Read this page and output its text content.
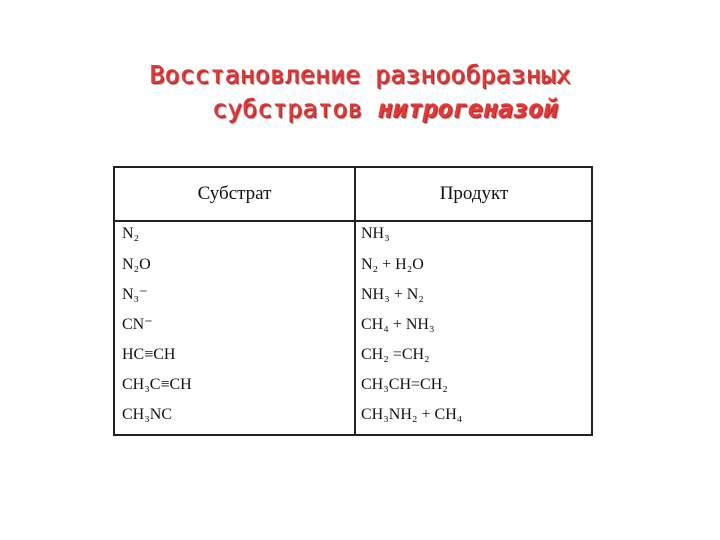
Восстановление разнообразных
субстратов нитрогеназой
Субстрат	Продукт
N₂	NH₃
N₂O	N₂ + H₂O
N₃⁻	NH₃ + N₂
CN⁻	CH₄ + NH₃
HC≡CH	CH₂ =CH₂
CH₃C≡CH	CH₃CH=CH₂
CH₃NC	CH₃NH₂ + CH₄
